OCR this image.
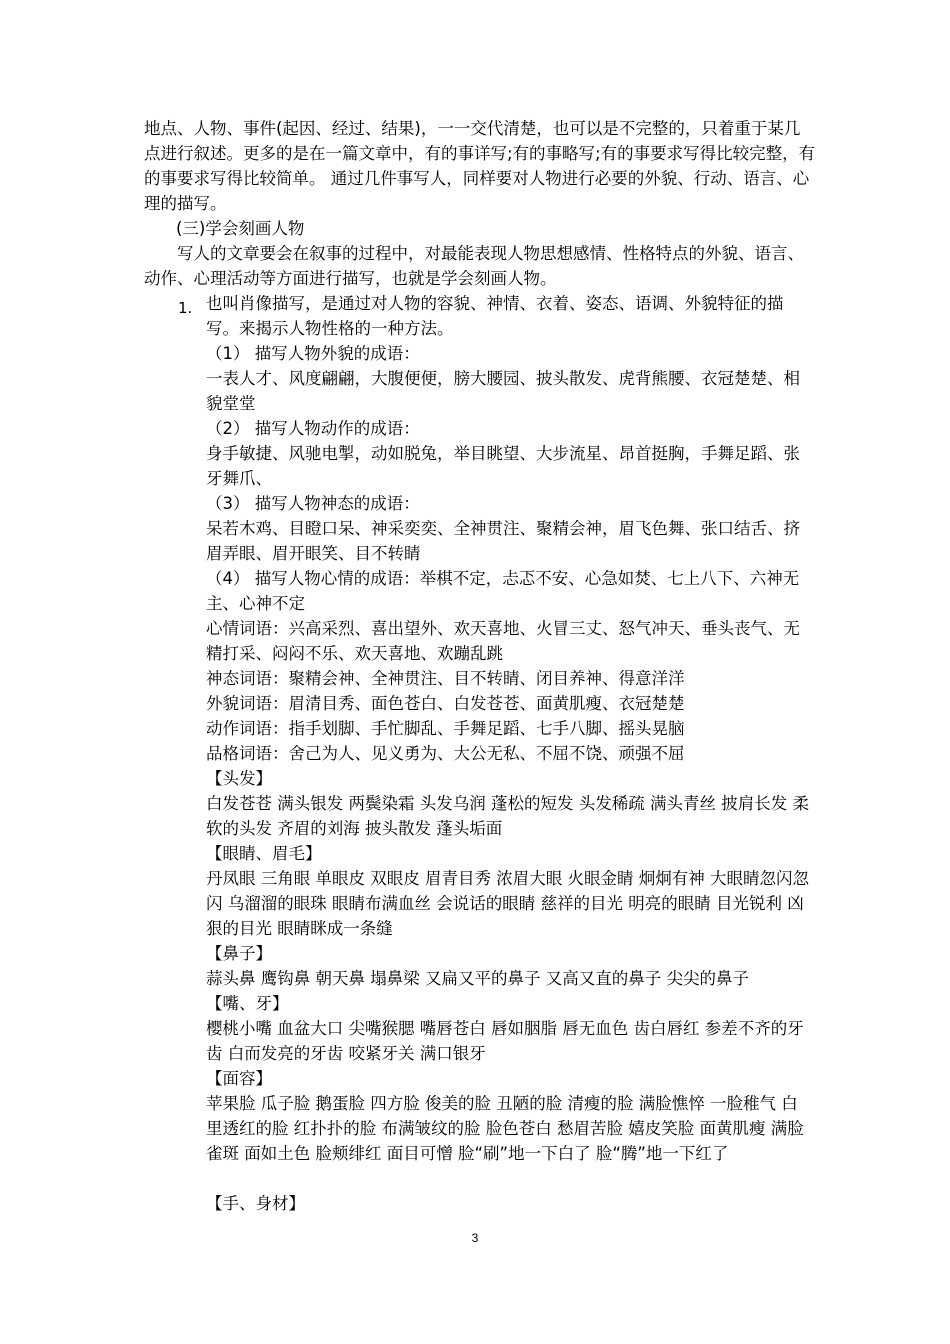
地点、人物、事件(起因、经过、结果)，一一交代清楚，也可以是不完整的，只着重于某几点进行叙述。更多的是在一篇文章中，有的事详写;有的事略写;有的事要求写得比较完整，有的事要求写得比较简单。 通过几件事写人，同样要对人物进行必要的外貌、行动、语言、心理的描写。

(三)学会刻画人物

写人的文章要会在叙事的过程中，对最能表现人物思想感情、性格特点的外貌、语言、动作、心理活动等方面进行描写，也就是学会刻画人物。

1. 也叫肖像描写，是通过对人物的容貌、神情、衣着、姿态、语调、外貌特征的描写。来揭示人物性格的一种方法。

（1） 描写人物外貌的成语：

一表人才、风度翩翩，大腹便便，膀大腰园、披头散发、虎背熊腰、衣冠楚楚、相貌堂堂

（2） 描写人物动作的成语：

身手敏捷、风驰电掣，动如脱兔，举目眺望、大步流星、昂首挺胸，手舞足蹈、张牙舞爪、

（3） 描写人物神态的成语：

呆若木鸡、目瞪口呆、神采奕奕、全神贯注、聚精会神，眉飞色舞、张口结舌、挤眉弄眼、眉开眼笑、目不转睛

（4） 描写人物心情的成语：举棋不定，忐忑不安、心急如焚、七上八下、六神无主、心神不定

心情词语：兴高采烈、喜出望外、欢天喜地、火冒三丈、怒气冲天、垂头丧气、无精打采、闷闷不乐、欢天喜地、欢蹦乱跳

神态词语：聚精会神、全神贯注、目不转睛、闭目养神、得意洋洋

外貌词语：眉清目秀、面色苍白、白发苍苍、面黄肌瘦、衣冠楚楚

动作词语：指手划脚、手忙脚乱、手舞足蹈、七手八脚、摇头晃脑

品格词语：舍己为人、见义勇为、大公无私、不屈不饶、顽强不屈

【头发】

白发苍苍 满头银发 两鬓染霜 头发乌润 蓬松的短发 头发稀疏 满头青丝 披肩长发 柔软的头发 齐眉的刘海 披头散发 蓬头垢面

【眼睛、眉毛】

丹凤眼 三角眼 单眼皮 双眼皮 眉青目秀 浓眉大眼 火眼金睛 炯炯有神 大眼睛忽闪忽闪 乌溜溜的眼珠 眼睛布满血丝 会说话的眼睛 慈祥的目光 明亮的眼睛 目光锐利 凶狠的目光 眼睛眯成一条缝

【鼻子】

蒜头鼻 鹰钩鼻 朝天鼻 塌鼻梁 又扁又平的鼻子 又高又直的鼻子 尖尖的鼻子

【嘴、牙】

樱桃小嘴 血盆大口 尖嘴猴腮 嘴唇苍白 唇如胭脂 唇无血色 齿白唇红 参差不齐的牙齿 白而发亮的牙齿 咬紧牙关 满口银牙

【面容】

苹果脸 瓜子脸 鹅蛋脸 四方脸 俊美的脸 丑陋的脸 清瘦的脸 满脸憔悴 一脸稚气 白里透红的脸 红扑扑的脸 布满皱纹的脸 脸色苍白 愁眉苦脸 嬉皮笑脸 面黄肌瘦 满脸雀斑 面如土色 脸颊绯红 面目可憎 脸“刷”地一下白了 脸“腾”地一下红了

【手、身材】

3
